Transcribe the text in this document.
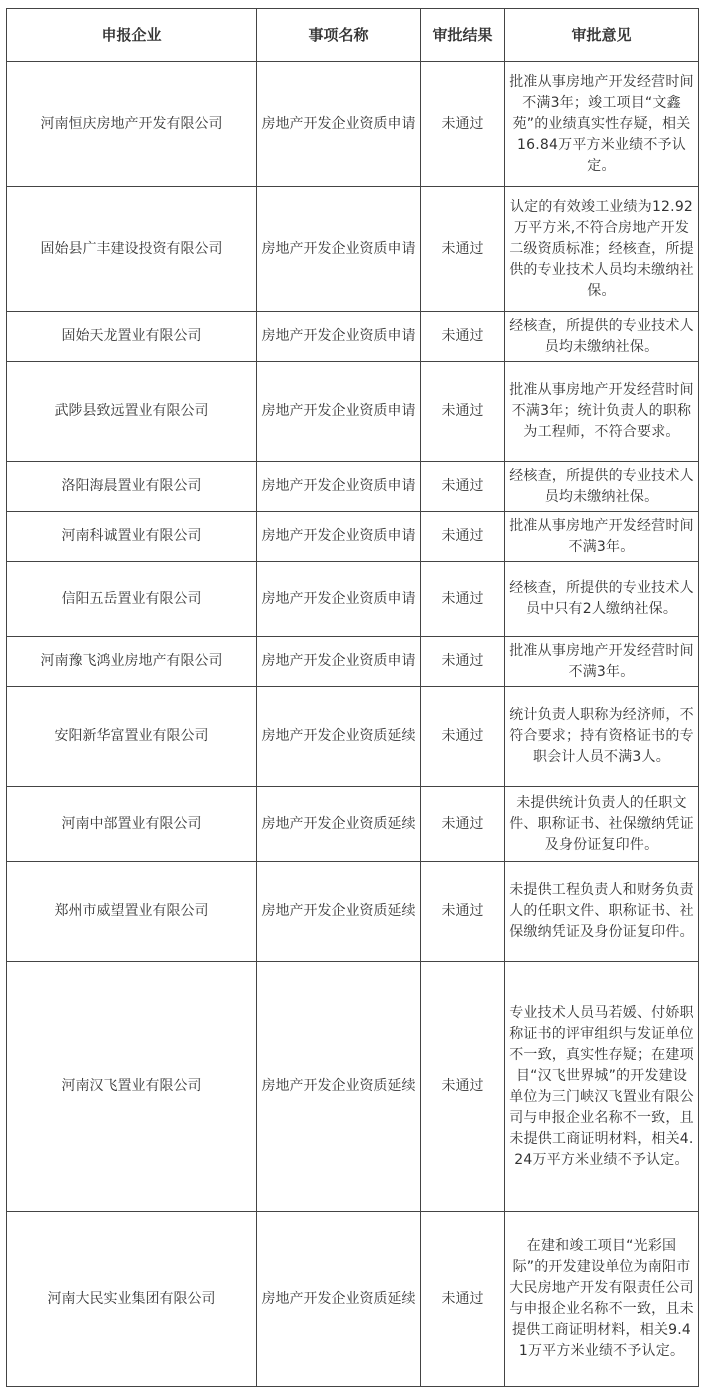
申报企业	事项名称	审批结果	审批意见
河南恒庆房地产开发有限公司	房地产开发企业资质申请	未通过	批准从事房地产开发经营时间不满3年；竣工项目“文鑫苑”的业绩真实性存疑，相关16.84万平方米业绩不予认定。
固始县广丰建设投资有限公司	房地产开发企业资质申请	未通过	认定的有效竣工业绩为12.92万平方米,不符合房地产开发二级资质标准；经核查，所提供的专业技术人员均未缴纳社保。
固始天龙置业有限公司	房地产开发企业资质申请	未通过	经核查，所提供的专业技术人员均未缴纳社保。
武陟县致远置业有限公司	房地产开发企业资质申请	未通过	批准从事房地产开发经营时间不满3年；统计负责人的职称为工程师，不符合要求。
洛阳海晨置业有限公司	房地产开发企业资质申请	未通过	经核查，所提供的专业技术人员均未缴纳社保。
河南科诚置业有限公司	房地产开发企业资质申请	未通过	批准从事房地产开发经营时间不满3年。
信阳五岳置业有限公司	房地产开发企业资质申请	未通过	经核查，所提供的专业技术人员中只有2人缴纳社保。
河南豫飞鸿业房地产有限公司	房地产开发企业资质申请	未通过	批准从事房地产开发经营时间不满3年。
安阳新华富置业有限公司	房地产开发企业资质延续	未通过	统计负责人职称为经济师，不符合要求；持有资格证书的专职会计人员不满3人。
河南中部置业有限公司	房地产开发企业资质延续	未通过	未提供统计负责人的任职文件、职称证书、社保缴纳凭证及身份证复印件。
郑州市威望置业有限公司	房地产开发企业资质延续	未通过	未提供工程负责人和财务负责人的任职文件、职称证书、社保缴纳凭证及身份证复印件。
河南汉飞置业有限公司	房地产开发企业资质延续	未通过	专业技术人员马若媛、付娇职称证书的评审组织与发证单位不一致，真实性存疑；在建项目“汉飞世界城”的开发建设单位为三门峡汉飞置业有限公司与申报企业名称不一致，且未提供工商证明材料，相关4.24万平方米业绩不予认定。
河南大民实业集团有限公司	房地产开发企业资质延续	未通过	在建和竣工项目“光彩国际”的开发建设单位为南阳市大民房地产开发有限责任公司与申报企业名称不一致，且未提供工商证明材料，相关9.41万平方米业绩不予认定。
